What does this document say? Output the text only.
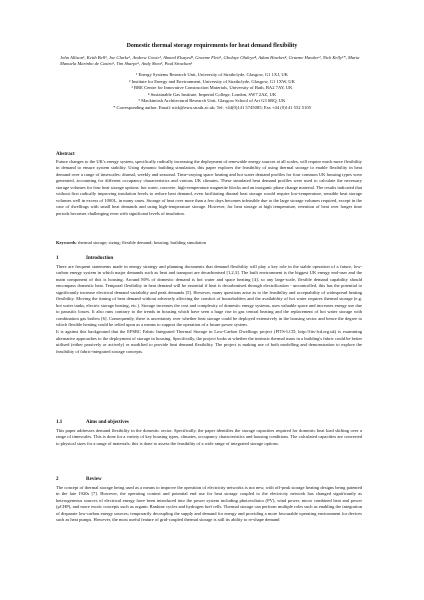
Domestic thermal storage requirements for heat demand flexibility
John Allison¹, Keith Bell², Joe Clarke¹, Andrew Cowie¹, Ahmed Elsayed³, Graeme Flett¹, Gbolaye Oluleye⁴, Adam Hawkes⁴, Graeme Hawker², Nick Kelly¹*, Maria Manuela Marinho de Castro⁵, Tim Sharpe⁵, Andy Shea³, Paul Strachan¹
¹ Energy Systems Research Unit, University of Strathclyde, Glasgow, G1 1XJ, UK
² Institute for Energy and Environment, University of Strathclyde, Glasgow, G1 1XW, UK
³ BRE Centre for Innovative Construction Materials, University of Bath, BA2 7AY, UK
⁴ Sustainable Gas Institute, Imperial College, London, SW7 2AZ, UK
⁵ Mackintosh Architectural Research Unit, Glasgow School of Art G3 6RQ, UK
* Corresponding author. Email: nick@esru.strath.ac.uk; Tel: +44(0)141 5745085; Fax +44 (0)141 552 5105
Abstract

Future changes to the UK's energy system, specifically radically increasing the deployment of renewable energy sources at all scales, will require much more flexibility in demand to ensure system stability. Using dynamic building simulation, this paper explores the feasibility of using thermal storage to enable flexibility in heat demand over a range of timescales: diurnal, weekly and seasonal. Time-varying space heating and hot water demand profiles for four common UK housing types were generated, accounting for different occupancy characteristics and various UK climates. These simulated heat demand profiles were used to calculate the necessary storage volumes for four heat storage options: hot water, concrete, high-temperature magnetite blocks and an inorganic phase change material. The results indicated that without first radically improving insulation levels to reduce heat demand, even facilitating diurnal heat storage would require low-temperature, sensible heat storage volumes well in excess of 1000L, in many cases. Storage of heat over more than a few days becomes infeasible due to the large storage volumes required, except in the case of dwellings with small heat demands and using high-temperature storage. However, for heat storage at high temperature, retention of heat over longer time periods becomes challenging even with significant levels of insulation.

Keywords: thermal storage; sizing; flexible demand; housing; building simulation
1	Introduction

There are frequent statements made in energy strategy and planning documents that demand flexibility will play a key role in the stable operation of a future, low-carbon energy system in which major demands such as heat and transport are decarbonised [1,2,3]. The built environment is the biggest UK energy end-user and the main component of this is housing. Around 80% of domestic demand is hot water and space heating [4], so any large-scale, flexible demand capability should encompass domestic heat. Temporal flexibility in heat demand will be essential if heat is decarbonised through electrification - uncontrolled, this has the potential to significantly increase electrical demand variability and peak demands [5]. However, many questions arise as to the feasibility and acceptability of widespread heating flexibility. Moving the timing of heat demand without adversely affecting the comfort of householders and the availability of hot water requires thermal storage (e.g. hot water tanks, electric storage heating, etc.). Storage increases the cost and complexity of domestic energy systems, uses valuable space and increases energy use due to parasitic losses. It also runs contrary to the trends in housing which have seen a huge rise in gas central heating and the replacement of hot water storage with combination gas boilers [6]. Consequently, there is uncertainty over whether heat storage could be deployed extensively in the housing sector and hence the degree to which flexible heating could be relied upon as a means to support the operation of a future power system.

It is against this background that the EPSRC Fabric Integrated Thermal Storage in Low-Carbon Dwellings project (FITS-LCD, http://fits-lcd.org.uk) is examining alternative approaches to the deployment of storage in housing. Specifically, the project looks at whether the intrinsic thermal mass in a building's fabric could be better utilised (either passively or actively) or modified to provide heat demand flexibility. The project is making use of both modelling and demonstration to explore the feasibility of fabric-integrated storage concepts.

1.1	Aims and objectives

This paper addresses demand flexibility in the domestic sector. Specifically, the paper identifies the storage capacities required for domestic heat load shifting over a range of timescales. This is done for a variety of key housing types, climates, occupancy characteristics and housing conditions. The calculated capacities are converted to physical sizes for a range of materials; this is done to assess the feasibility of a wide range of integrated storage options.

2	Review

The concept of thermal storage being used as a means to improve the operation of electricity networks is not new, with off-peak storage heating designs being patented in the late 1920s [7]. However, the operating context and potential end use for heat storage coupled to the electricity network has changed significantly as heterogeneous sources of electrical energy have been introduced into the power system including photovoltaics (PV), wind power, micro combined heat and power (μCHP), and more exotic concepts such as organic Rankine cycles and hydrogen fuel cells. Thermal storage can perform multiple roles such as enabling the integration of disparate low-carbon energy sources; temporarily decoupling the supply and demand for energy and providing a more favourable operating environment for devices such as heat pumps. However, the most useful feature of grid-coupled thermal storage is still its ability to re-shape demand
